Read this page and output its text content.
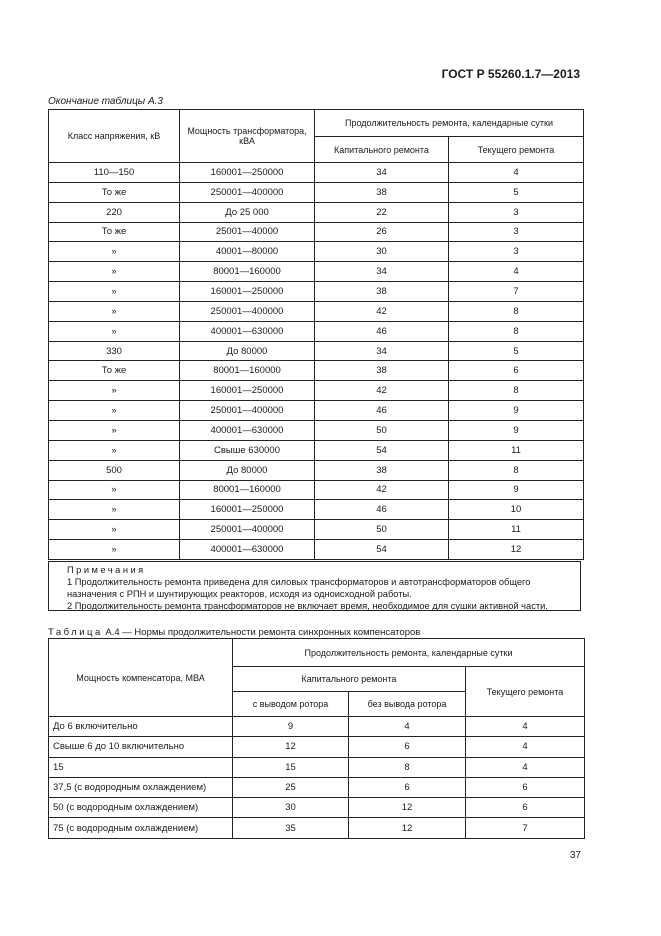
ГОСТ Р 55260.1.7—2013
Окончание таблицы А.3
Класс напряжения, кВ	Мощность трансформатора, кВА	Продолжительность ремонта, календарные сутки	
		Капитального ремонта	Текущего ремонта
110—150	160001—250000	34	4
То же	250001—400000	38	5
220	До 25 000	22	3
То же	25001—40000	26	3
»	40001—80000	30	3
»	80001—160000	34	4
»	160001—250000	38	7
»	250001—400000	42	8
»	400001—630000	46	8
330	До 80000	34	5
То же	80001—160000	38	6
»	160001—250000	42	8
»	250001—400000	46	9
»	400001—630000	50	9
»	Свыше 630000	54	11
500	До 80000	38	8
»	80001—160000	42	9
»	160001—250000	46	10
»	250001—400000	50	11
»	400001—630000	54	12
Примечания
1 Продолжительность ремонта приведена для силовых трансформаторов и автотрансформаторов общего назначения с РПН и шунтирующих реакторов, исходя из одноисходной работы.
2 Продолжительность ремонта трансформаторов не включает время, необходимое для сушки активной части.
Таблица А.4 — Нормы продолжительности ремонта синхронных компенсаторов
Мощность компенсатора, МВА	Продолжительность ремонта, календарные сутки		
	Капитального ремонта		Текущего ремонта
	с выводом ротора	без вывода ротора	
До 6 включительно	9	4	4
Свыше 6 до 10 включительно	12	6	4
15	15	8	4
37,5 (с водородным охлаждением)	25	6	6
50 (с водородным охлаждением)	30	12	6
75 (с водородным охлаждением)	35	12	7
37
